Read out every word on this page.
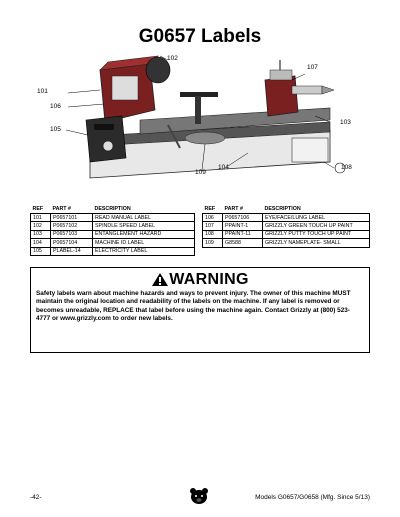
G0657 Labels
102
107
101
106
103
105
108
104
109
REF	PART #	DESCRIPTION
101	P0657101	READ MANUAL LABEL
102	P0657102	SPINDLE SPEED LABEL
103	P0657103	ENTANGLEMENT HAZARD
104	P0657104	MACHINE ID LABEL
105	PLABEL-14	ELECTRICITY LABEL
REF	PART #	DESCRIPTION
106	P0657106	EYE/FACE/LUNG LABEL
107	PPAINT-1	GRIZZLY GREEN TOUCH UP PAINT
108	PPAINT-11	GRIZZLY PUTTY TOUCH UP PAINT
109	G8588	GRIZZLY NAMEPLATE- SMALL
WARNING
Safety labels warn about machine hazards and ways to prevent injury. The owner of this machine MUST maintain the original location and readability of the labels on the machine. If any label is removed or becomes unreadable, REPLACE that label before using the machine again. Contact Grizzly at (800) 523-4777 or www.grizzly.com to order new labels.
-42-	Models G0657/G0658 (Mfg. Since 5/13)
